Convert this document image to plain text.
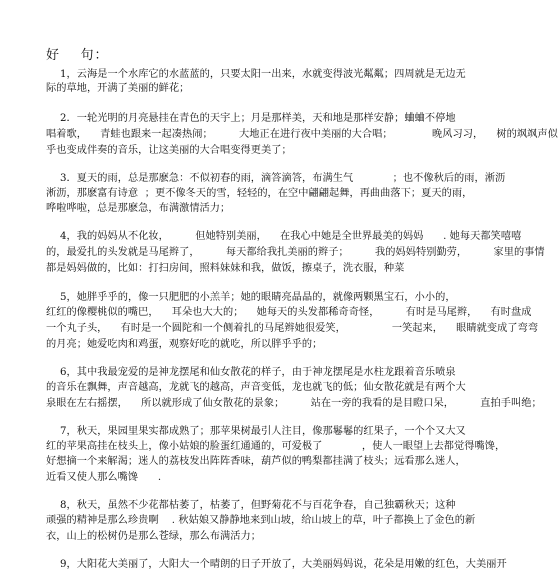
好    句：
1，云海是一个水库它的水蓝蓝的，只要太阳一出来，水就变得波光粼粼；四周就是无边无
际的草地，开满了美丽的鲜花；
2．一轮光明的月亮悬挂在青色的天宇上；月是那样美，天和地是那样安静；蛐蛐不停地
唱着歌，    青蛙也跟来一起凑热闹；        大地正在进行夜中美丽的大合唱；            晚风习习，    树的飒飒声似
乎也变成伴奏的音乐，让这美丽的大合唱变得更美了；
3．夏天的雨，总是那麽急：不似初春的雨，滴答滴答，布满生气            ；也不像秋后的雨，淅沥
淅沥，那麽富有诗意  ；更不像冬天的雪，轻轻的，在空中翩翩起舞，再曲曲落下；夏天的雨，
哗啦哗啦，总是那麽急，布满激情活力；
4，我的妈妈从不化妆，        但她特别美丽，    在我心中她是全世界最美的妈妈      . 她每天都笑嘻嘻
的，最爱扎的头发就是马尾辫了，        每天都给我扎美丽的辫子；        我的妈妈特别勤劳，        家里的事情
都是妈妈做的，比如：打扫房间，照料妹妹和我，做饭，擦桌子，洗衣服，种菜
5，她胖乎乎的，像一只肥肥的小羔羊；她的眼睛亮晶晶的，就像两颗黑宝石，小小的，
红红的像樱桃似的嘴巴，    耳朵也大大的；    她每天的头发都稀奇奇怪，        有时是马尾辫，    有时盘成
一个丸子头，    有时是一个圆陀和一个侧着扎的马尾辫她很爱笑，              一笑起来，    眼睛就变成了弯弯
的月亮；她爱吃肉和鸡蛋，观察好吃的就吃，所以胖乎乎的；
6，其中我最宠爱的是神龙摆尾和仙女散花的样子，由于神龙摆尾是水柱龙跟着音乐喷泉
的音乐在飘舞，声音越高，龙就飞的越高，声音变低，龙也就飞的低；仙女散花就是有两个大
泉眼在左右摇摆，    所以就形成了仙女散花的景象；        站在一旁的我看的是目瞪口呆，        直拍手叫绝；
7，秋天，果园里果实都成熟了；那苹果树最引人注目，像那鬈鬈的红果子，一个个又大又
红的苹果高挂在枝头上，像小姑娘的脸蛋红通通的，可爱极了            ，使人一眼望上去都觉得嘴馋，
好想摘一个来解渴；迷人的荔枝发出阵阵香味，葫芦似的鸭梨都挂满了枝头；远看那么迷人，
近看又使人那么嘴馋      .
8，秋天，虽然不少花都枯萎了，枯萎了，但野菊花不与百花争春，自己独霸秋天；这种
顽强的精神是那么珍贵啊    . 秋姑娘又静静地来到山坡，给山坡上的草，叶子都换上了金色的新
衣，山上的松树仍是那么苍绿，那么布满活力；
9，大阳花大美丽了，大阳大一个晴朗的日子开放了，大美丽妈妈说，花朵是用嫩的红色，大美丽开
